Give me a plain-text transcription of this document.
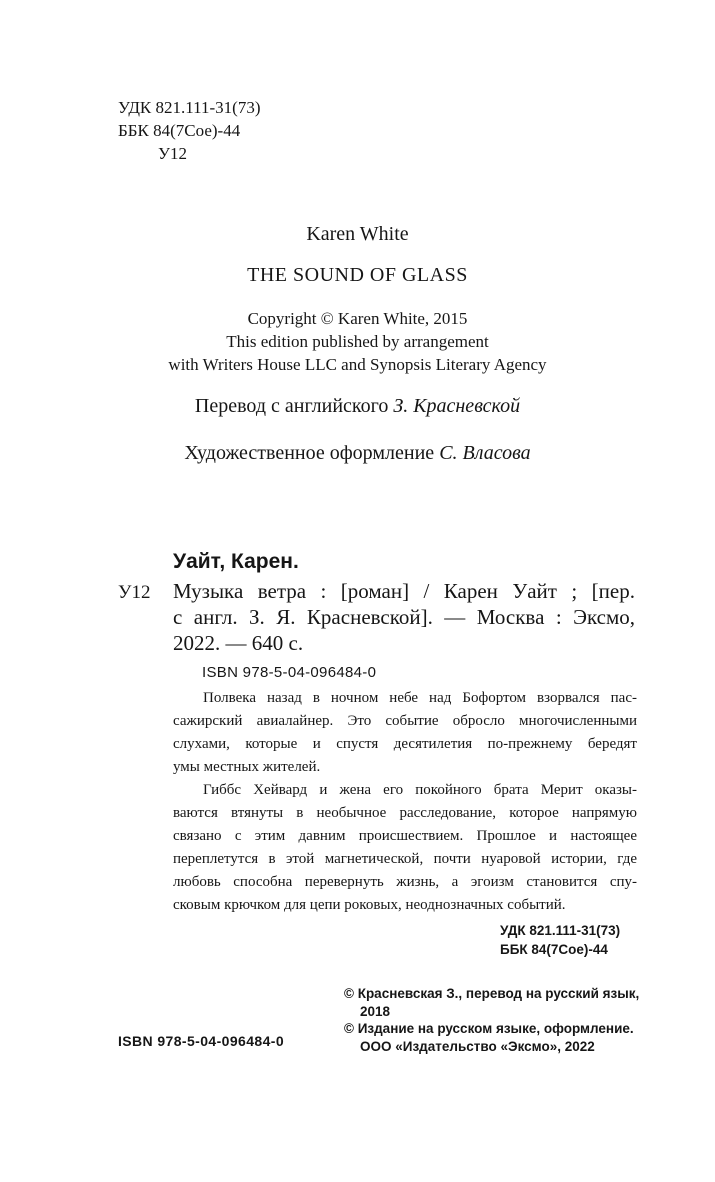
УДК 821.111-31(73)
ББК 84(7Сое)-44
У12
Karen White
THE SOUND OF GLASS
Copyright © Karen White, 2015
This edition published by arrangement
with Writers House LLC and Synopsis Literary Agency
Перевод с английского З. Красневской
Художественное оформление С. Власова
Уайт, Карен.
У12 Музыка ветра : [роман] / Карен Уайт ; [пер.
с англ. З. Я. Красневской]. — Москва : Эксмо,
2022. — 640 с.
ISBN 978-5-04-096484-0
Полвека назад в ночном небе над Бофортом взорвался пас-
сажирский авиалайнер. Это событие обросло многочисленными
слухами, которые и спустя десятилетия по-прежнему бередят
умы местных жителей.
Гиббс Хейвард и жена его покойного брата Мерит оказы-
ваются втянуты в необычное расследование, которое напрямую
связано с этим давним происшествием. Прошлое и настоящее
переплетутся в этой магнетической, почти нуаровой истории, где
любовь способна перевернуть жизнь, а эгоизм становится спу-
сковым крючком для цепи роковых, неоднозначных событий.
УДК 821.111-31(73)
ББК 84(7Сое)-44
© Красневская З., перевод на русский язык,
2018
© Издание на русском языке, оформление.
ООО «Издательство «Эксмо», 2022
ISBN 978-5-04-096484-0
